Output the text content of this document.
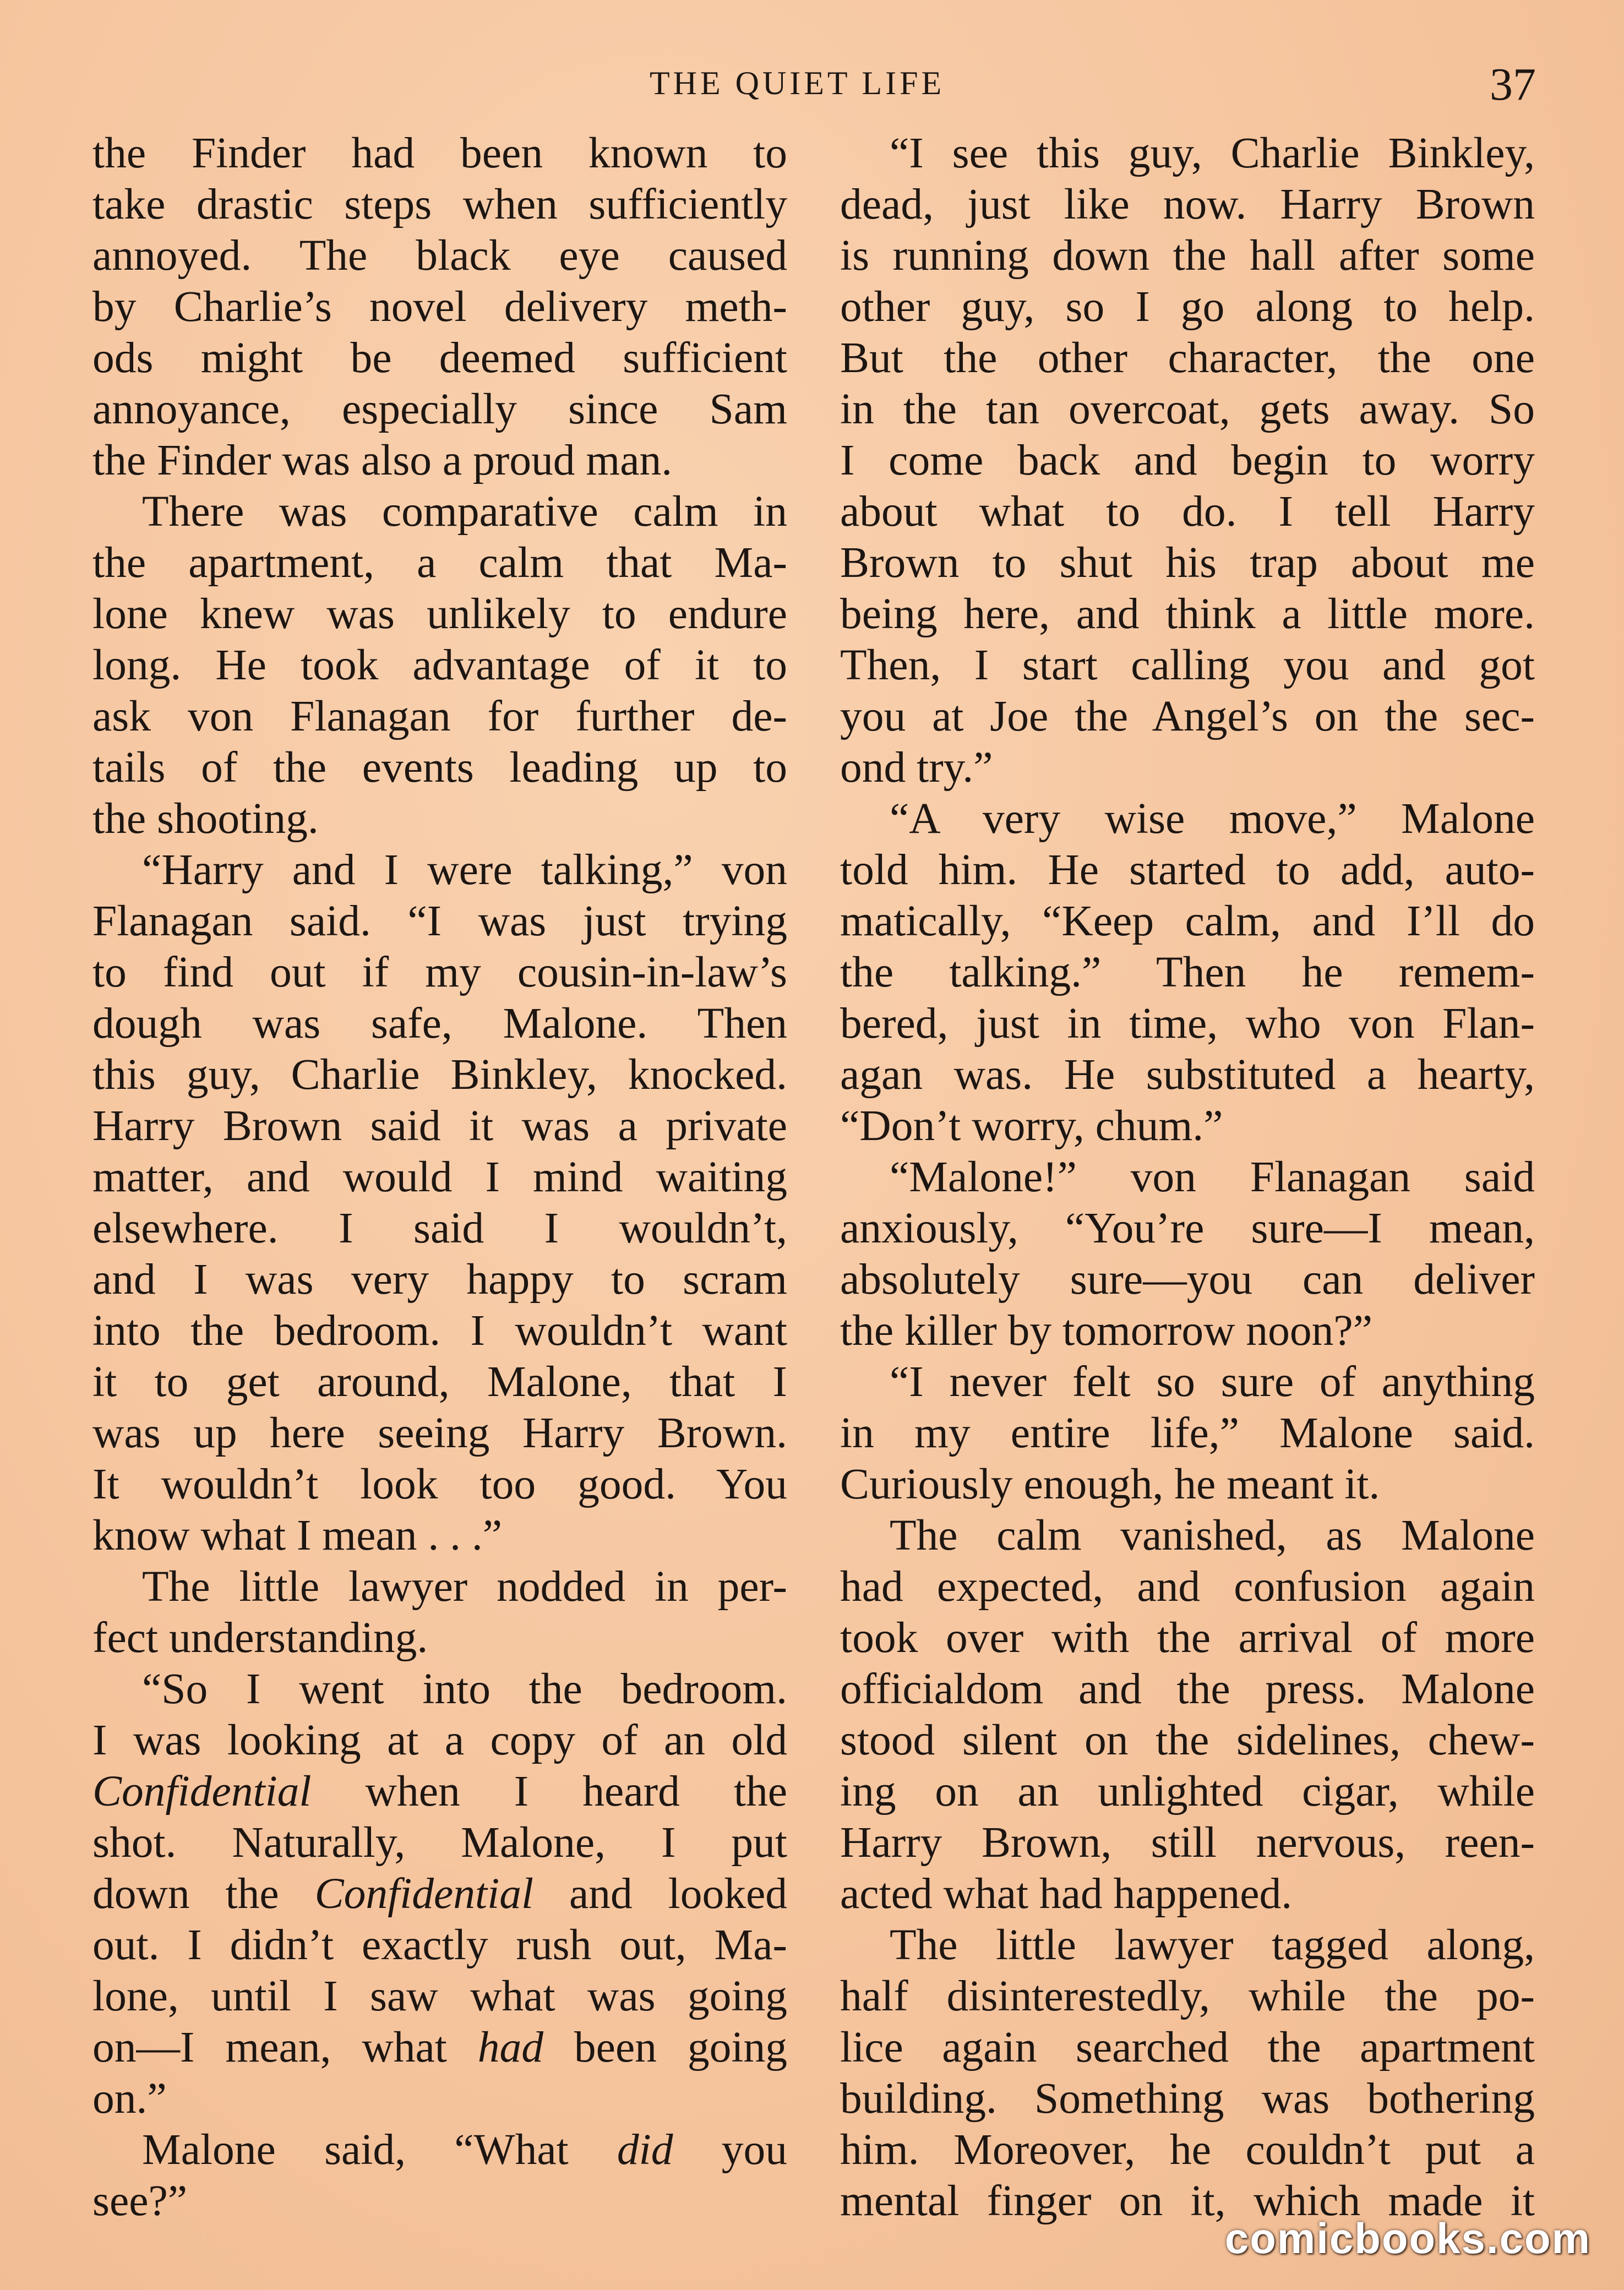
THE QUIET LIFE	37
the Finder had been known to
take drastic steps when sufficiently
annoyed. The black eye caused
by Charlie’s novel delivery meth-
ods might be deemed sufficient
annoyance, especially since Sam
the Finder was also a proud man.
There was comparative calm in
the apartment, a calm that Ma-
lone knew was unlikely to endure
long. He took advantage of it to
ask von Flanagan for further de-
tails of the events leading up to
the shooting.
“Harry and I were talking,” von
Flanagan said. “I was just trying
to find out if my cousin-in-law’s
dough was safe, Malone. Then
this guy, Charlie Binkley, knocked.
Harry Brown said it was a private
matter, and would I mind waiting
elsewhere. I said I wouldn’t,
and I was very happy to scram
into the bedroom. I wouldn’t want
it to get around, Malone, that I
was up here seeing Harry Brown.
It wouldn’t look too good. You
know what I mean . . .”
The little lawyer nodded in per-
fect understanding.
“So I went into the bedroom.
I was looking at a copy of an old
Confidential when I heard the
shot. Naturally, Malone, I put
down the Confidential and looked
out. I didn’t exactly rush out, Ma-
lone, until I saw what was going
on—I mean, what had been going
on.”
Malone said, “What did you
see?”
“I see this guy, Charlie Binkley,
dead, just like now. Harry Brown
is running down the hall after some
other guy, so I go along to help.
But the other character, the one
in the tan overcoat, gets away. So
I come back and begin to worry
about what to do. I tell Harry
Brown to shut his trap about me
being here, and think a little more.
Then, I start calling you and got
you at Joe the Angel’s on the sec-
ond try.”
“A very wise move,” Malone
told him. He started to add, auto-
matically, “Keep calm, and I’ll do
the talking.” Then he remem-
bered, just in time, who von Flan-
agan was. He substituted a hearty,
“Don’t worry, chum.”
“Malone!” von Flanagan said
anxiously, “You’re sure—I mean,
absolutely sure—you can deliver
the killer by tomorrow noon?”
“I never felt so sure of anything
in my entire life,” Malone said.
Curiously enough, he meant it.
The calm vanished, as Malone
had expected, and confusion again
took over with the arrival of more
officialdom and the press. Malone
stood silent on the sidelines, chew-
ing on an unlighted cigar, while
Harry Brown, still nervous, reen-
acted what had happened.
The little lawyer tagged along,
half disinterestedly, while the po-
lice again searched the apartment
building. Something was bothering
him. Moreover, he couldn’t put a
mental finger on it, which made it
comicbooks.com
